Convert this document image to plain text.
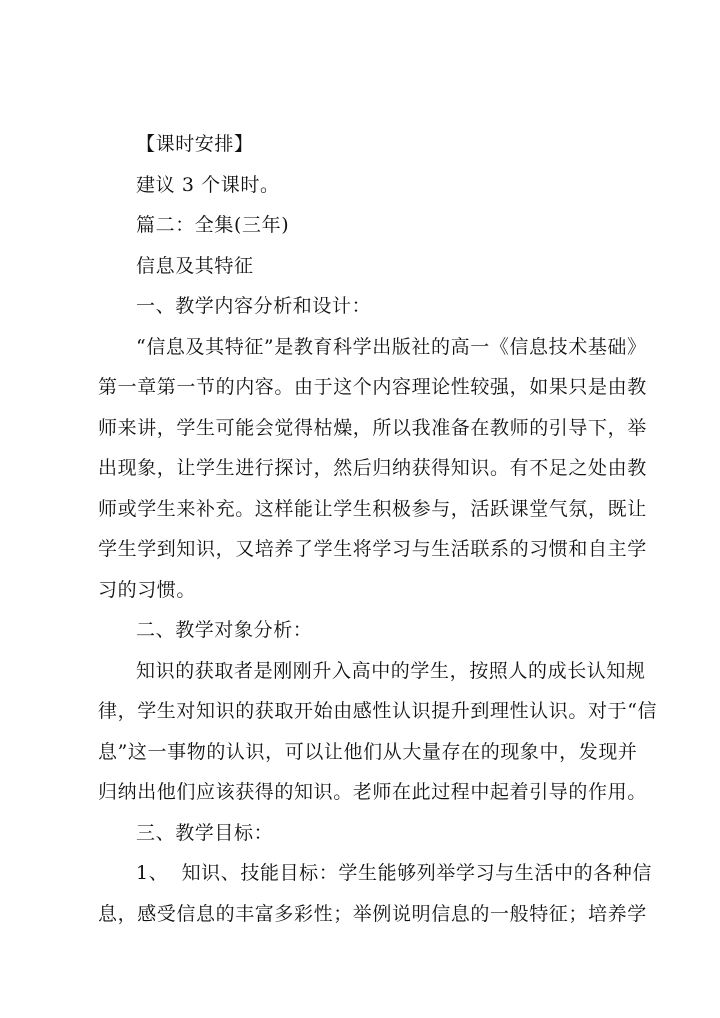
【课时安排】
建议 3 个课时。
篇二：全集(三年)
信息及其特征
一、教学内容分析和设计：
“信息及其特征”是教育科学出版社的高一《信息技术基础》
第一章第一节的内容。由于这个内容理论性较强，如果只是由教
师来讲，学生可能会觉得枯燥，所以我准备在教师的引导下，举
出现象，让学生进行探讨，然后归纳获得知识。有不足之处由教
师或学生来补充。这样能让学生积极参与，活跃课堂气氛，既让
学生学到知识，又培养了学生将学习与生活联系的习惯和自主学
习的习惯。
二、教学对象分析：
知识的获取者是刚刚升入高中的学生，按照人的成长认知规
律，学生对知识的获取开始由感性认识提升到理性认识。对于“信
息”这一事物的认识，可以让他们从大量存在的现象中，发现并
归纳出他们应该获得的知识。老师在此过程中起着引导的作用。
三、教学目标：
1、  知识、技能目标：学生能够列举学习与生活中的各种信
息，感受信息的丰富多彩性；举例说明信息的一般特征；培养学
